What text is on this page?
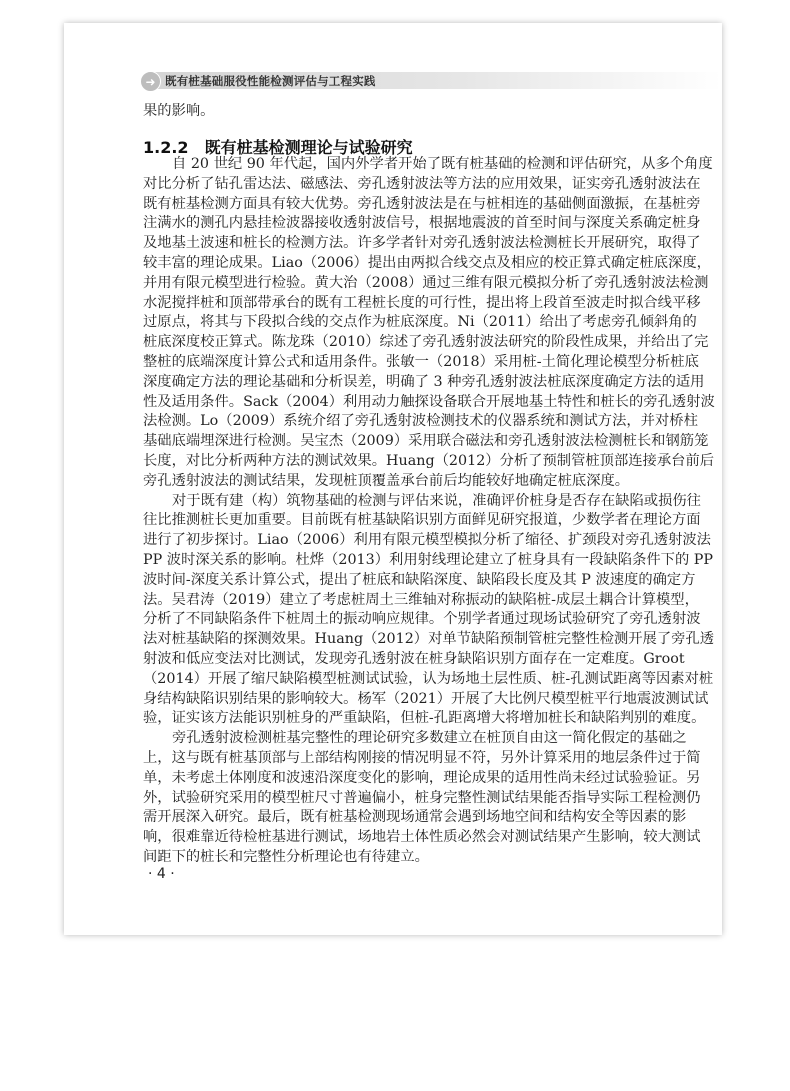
➜ 既有桩基础服役性能检测评估与工程实践
果的影响。
1.2.2 既有桩基检测理论与试验研究
自 20 世纪 90 年代起，国内外学者开始了既有桩基础的检测和评估研究，从多个角度
对比分析了钻孔雷达法、磁感法、旁孔透射波法等方法的应用效果，证实旁孔透射波法在
既有桩基检测方面具有较大优势。旁孔透射波法是在与桩相连的基础侧面激振，在基桩旁
注满水的测孔内悬挂检波器接收透射波信号，根据地震波的首至时间与深度关系确定桩身
及地基土波速和桩长的检测方法。许多学者针对旁孔透射波法检测桩长开展研究，取得了
较丰富的理论成果。Liao（2006）提出由两拟合线交点及相应的校正算式确定桩底深度，
并用有限元模型进行检验。黄大治（2008）通过三维有限元模拟分析了旁孔透射波法检测
水泥搅拌桩和顶部带承台的既有工程桩长度的可行性，提出将上段首至波走时拟合线平移
过原点，将其与下段拟合线的交点作为桩底深度。Ni（2011）给出了考虑旁孔倾斜角的
桩底深度校正算式。陈龙珠（2010）综述了旁孔透射波法研究的阶段性成果，并给出了完
整桩的底端深度计算公式和适用条件。张敏一（2018）采用桩-土简化理论模型分析桩底
深度确定方法的理论基础和分析误差，明确了 3 种旁孔透射波法桩底深度确定方法的适用
性及适用条件。Sack（2004）利用动力触探设备联合开展地基土特性和桩长的旁孔透射波
法检测。Lo（2009）系统介绍了旁孔透射波检测技术的仪器系统和测试方法，并对桥柱
基础底端埋深进行检测。吴宝杰（2009）采用联合磁法和旁孔透射波法检测桩长和钢筋笼
长度，对比分析两种方法的测试效果。Huang（2012）分析了预制管桩顶部连接承台前后
旁孔透射波法的测试结果，发现桩顶覆盖承台前后均能较好地确定桩底深度。
对于既有建（构）筑物基础的检测与评估来说，准确评价桩身是否存在缺陷或损伤往
往比推测桩长更加重要。目前既有桩基缺陷识别方面鲜见研究报道，少数学者在理论方面
进行了初步探讨。Liao（2006）利用有限元模型模拟分析了缩径、扩颈段对旁孔透射波法
PP 波时深关系的影响。杜烨（2013）利用射线理论建立了桩身具有一段缺陷条件下的 PP
波时间-深度关系计算公式，提出了桩底和缺陷深度、缺陷段长度及其 P 波速度的确定方
法。吴君涛（2019）建立了考虑桩周土三维轴对称振动的缺陷桩-成层土耦合计算模型，
分析了不同缺陷条件下桩周土的振动响应规律。个别学者通过现场试验研究了旁孔透射波
法对桩基缺陷的探测效果。Huang（2012）对单节缺陷预制管桩完整性检测开展了旁孔透
射波和低应变法对比测试，发现旁孔透射波在桩身缺陷识别方面存在一定难度。Groot
（2014）开展了缩尺缺陷模型桩测试试验，认为场地土层性质、桩-孔测试距离等因素对桩
身结构缺陷识别结果的影响较大。杨军（2021）开展了大比例尺模型桩平行地震波测试试
验，证实该方法能识别桩身的严重缺陷，但桩-孔距离增大将增加桩长和缺陷判别的难度。
旁孔透射波检测桩基完整性的理论研究多数建立在桩顶自由这一简化假定的基础之
上，这与既有桩基顶部与上部结构刚接的情况明显不符，另外计算采用的地层条件过于简
单，未考虑土体刚度和波速沿深度变化的影响，理论成果的适用性尚未经过试验验证。另
外，试验研究采用的模型桩尺寸普遍偏小，桩身完整性测试结果能否指导实际工程检测仍
需开展深入研究。最后，既有桩基检测现场通常会遇到场地空间和结构安全等因素的影
响，很难靠近待检桩基进行测试，场地岩土体性质必然会对测试结果产生影响，较大测试
间距下的桩长和完整性分析理论也有待建立。
· 4 ·
